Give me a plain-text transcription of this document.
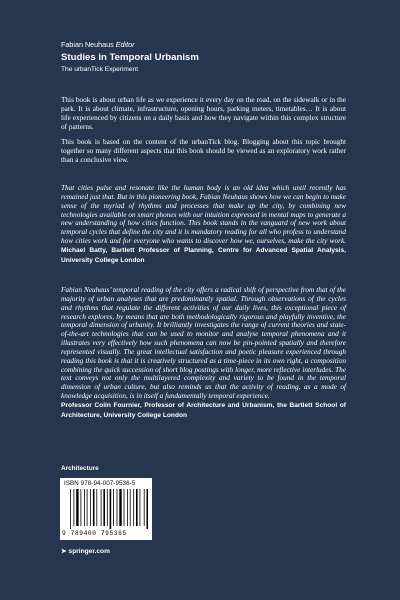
Fabian Neuhaus Editor
Studies in Temporal Urbanism
The urbanTick Experiment

This book is about urban life as we experience it every day on the road, on the sidewalk or in the park. It is about climate, infrastructure, opening hours, parking meters, timetables… It is about life experienced by citizens on a daily basis and how they navigate within this complex structure of patterns.

This book is based on the content of the urbanTick blog. Blogging about this topic brought together so many different aspects that this book should be viewed as an exploratory work rather than a conclusive view.

That cities pulse and resonate like the human body is an old idea which until recently has remained just that. But in this pioneering book, Fabian Neuhaus shows how we can begin to make sense of the myriad of rhythms and processes that make up the city, by combining new technologies available on smart phones with our intuition expressed in mental maps to generate a new understanding of how cities function. This book stands in the vanguard of new work about temporal cycles that define the city and it is mandatory reading for all who profess to understand how cities work and for everyone who wants to discover how we, ourselves, make the city work. Michael Batty, Bartlett Professor of Planning, Centre for Advanced Spatial Analysis, University College London

Fabian Neuhaus’ temporal reading of the city offers a radical shift of perspective from that of the majority of urban analyses that are predominantly spatial. Through observations of the cycles and rhythms that regulate the different activities of our daily lives, this exceptional piece of research explores, by means that are both methodologically rigorous and playfully inventive, the temporal dimension of urbanity. It brilliantly investigates the range of current theories and state-of-the-art technologies that can be used to monitor and analyse temporal phenomena and it illustrates very effectively how such phenomena can now be pin-pointed spatially and therefore represented visually. The great intellectual satisfaction and poetic pleasure experienced through reading this book is that it is creatively structured as a time-piece in its own right, a composition combining the quick succession of short blog postings with longer, more reflective interludes. The text conveys not only the multilayered complexity and variety to be found in the temporal dimension of urban culture, but also reminds us that the activity of reading, as a mode of knowledge acquisition, is in itself a fundamentally temporal experience.
Professor Colin Fournier, Professor of Architecture and Urbanism, the Bartlett School of Architecture, University College London

Architecture
ISBN 978-94-007-9536-5
9 789400 795365
➤ springer.com
